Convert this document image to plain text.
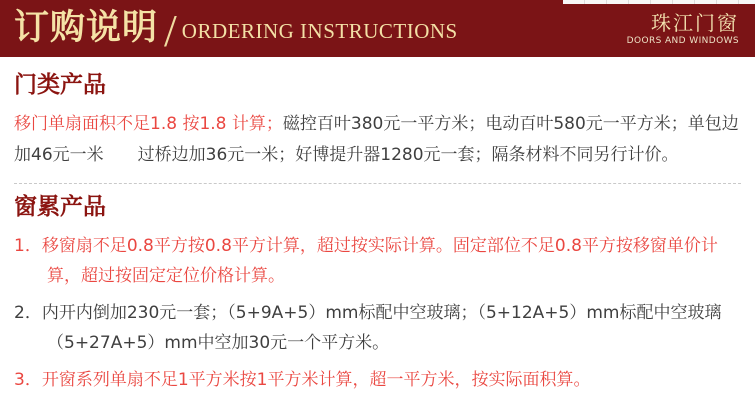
订购说明 / ORDERING INSTRUCTIONS	珠江门窗
DOORS AND WINDOWS
门类产品

移门单扇面积不足1.8 按1.8 计算；磁控百叶380元一平方米；电动百叶580元一平方米；单包边加46元一米　　过桥边加36元一米；好博提升器1280元一套；隔条材料不同另行计价。

窗累产品
1．移窗扇不足0.8平方按0.8平方计算，超过按实际计算。固定部位不足0.8平方按移窗单价计算，超过按固定定位价格计算。
2．内开内倒加230元一套；（5+9A+5）mm标配中空玻璃；（5+12A+5）mm标配中空玻璃（5+27A+5）mm中空加30元一个平方米。
3．开窗系列单扇不足1平方米按1平方米计算，超一平方米，按实际面积算。
